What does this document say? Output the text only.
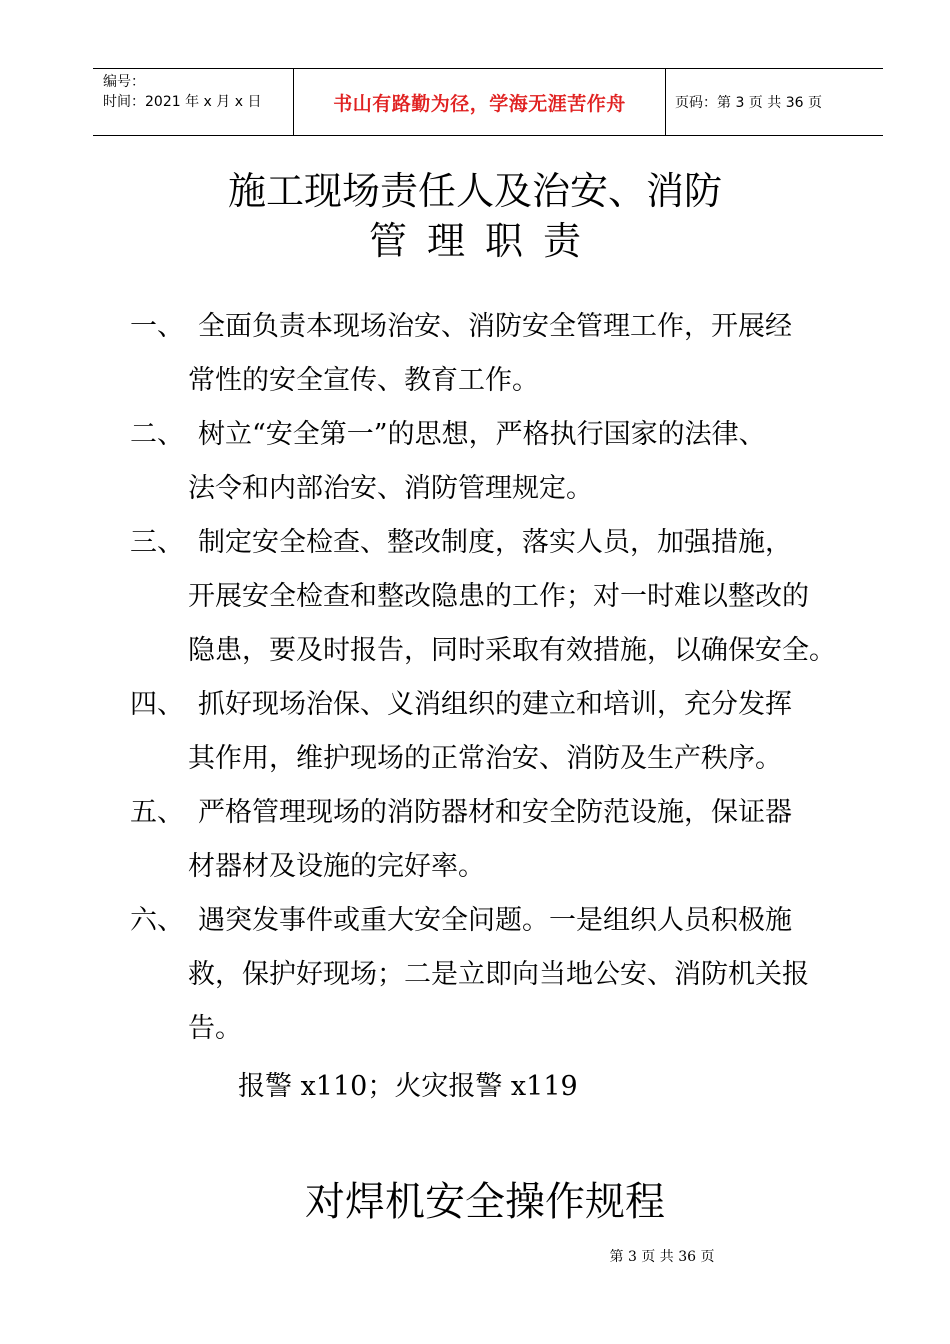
编号：
时间：2021 年 x 月 x 日	书山有路勤为径，学海无涯苦作舟	页码：第 3 页 共 36 页
施工现场责任人及治安、消防
管理职责
一、 全面负责本现场治安、消防安全管理工作，开展经
常性的安全宣传、教育工作。
二、 树立“安全第一”的思想，严格执行国家的法律、
法令和内部治安、消防管理规定。
三、 制定安全检查、整改制度，落实人员，加强措施，
开展安全检查和整改隐患的工作；对一时难以整改的
隐患，要及时报告，同时采取有效措施，以确保安全。
四、 抓好现场治保、义消组织的建立和培训，充分发挥
其作用，维护现场的正常治安、消防及生产秩序。
五、 严格管理现场的消防器材和安全防范设施，保证器
材器材及设施的完好率。
六、 遇突发事件或重大安全问题。一是组织人员积极施
救，保护好现场；二是立即向当地公安、消防机关报
告。
报警 x110；火灾报警 x119
对焊机安全操作规程
第 3 页 共 36 页
